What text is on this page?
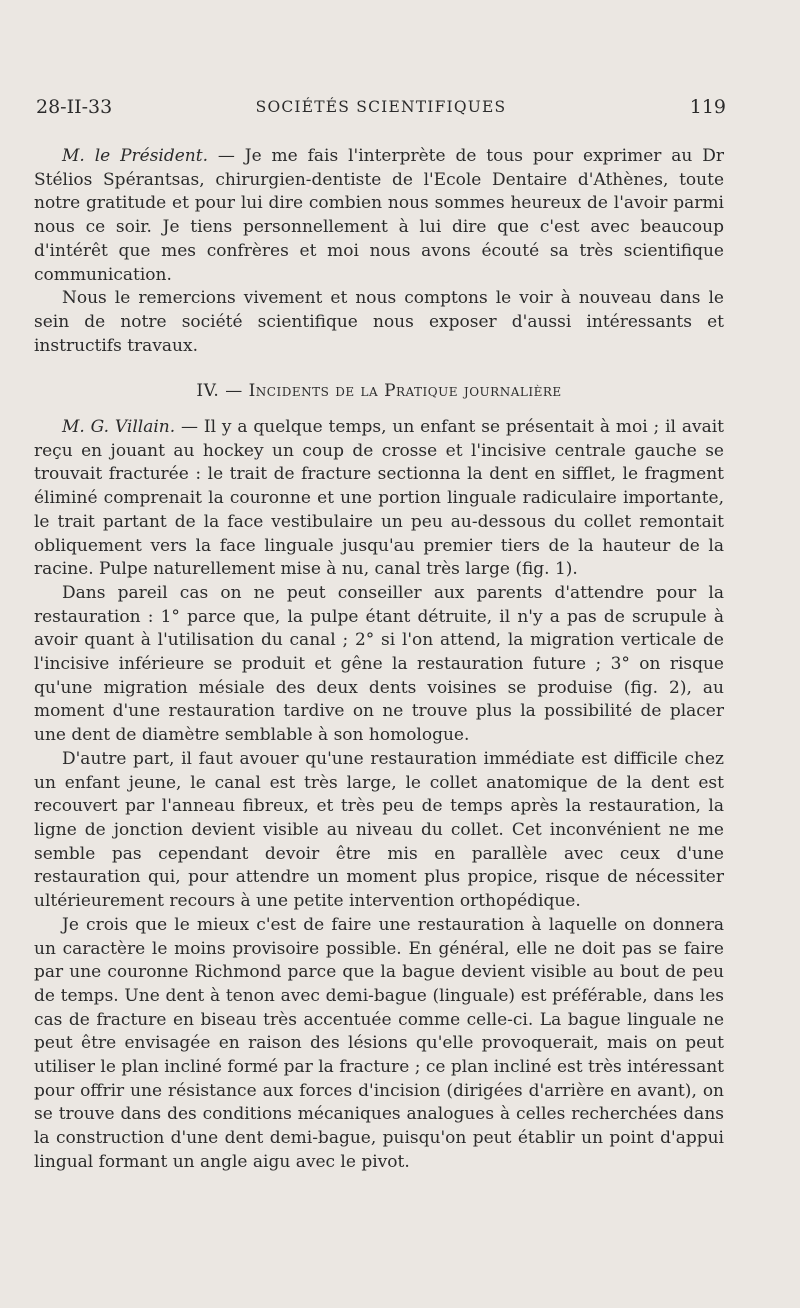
28-II-33	SOCIÉTÉS SCIENTIFIQUES	119

M. le Président. — Je me fais l'interprète de tous pour exprimer au Dr Stélios Spérantsas, chirurgien-dentiste de l'Ecole Dentaire d'Athènes, toute notre gratitude et pour lui dire combien nous sommes heureux de l'avoir parmi nous ce soir. Je tiens personnellement à lui dire que c'est avec beaucoup d'intérêt que mes confrères et moi nous avons écouté sa très scientifique communication.

Nous le remercions vivement et nous comptons le voir à nouveau dans le sein de notre société scientifique nous exposer d'aussi intéressants et instructifs travaux.

IV. — Incidents de la Pratique journalière

M. G. Villain. — Il y a quelque temps, un enfant se présentait à moi ; il avait reçu en jouant au hockey un coup de crosse et l'incisive centrale gauche se trouvait fracturée : le trait de fracture sectionna la dent en sifflet, le fragment éliminé comprenait la couronne et une portion linguale radiculaire importante, le trait partant de la face vestibulaire un peu au-dessous du collet remontait obliquement vers la face linguale jusqu'au premier tiers de la hauteur de la racine. Pulpe naturellement mise à nu, canal très large (fig. 1).

Dans pareil cas on ne peut conseiller aux parents d'attendre pour la restauration : 1° parce que, la pulpe étant détruite, il n'y a pas de scrupule à avoir quant à l'utilisation du canal ; 2° si l'on attend, la migration verticale de l'incisive inférieure se produit et gêne la restauration future ; 3° on risque qu'une migration mésiale des deux dents voisines se produise (fig. 2), au moment d'une restauration tardive on ne trouve plus la possibilité de placer une dent de diamètre semblable à son homologue.

D'autre part, il faut avouer qu'une restauration immédiate est difficile chez un enfant jeune, le canal est très large, le collet anatomique de la dent est recouvert par l'anneau fibreux, et très peu de temps après la restauration, la ligne de jonction devient visible au niveau du collet. Cet inconvénient ne me semble pas cependant devoir être mis en parallèle avec ceux d'une restauration qui, pour attendre un moment plus propice, risque de nécessiter ultérieurement recours à une petite intervention orthopédique.

Je crois que le mieux c'est de faire une restauration à laquelle on donnera un caractère le moins provisoire possible. En général, elle ne doit pas se faire par une couronne Richmond parce que la bague devient visible au bout de peu de temps. Une dent à tenon avec demi-bague (linguale) est préférable, dans les cas de fracture en biseau très accentuée comme celle-ci. La bague linguale ne peut être envisagée en raison des lésions qu'elle provoquerait, mais on peut utiliser le plan incliné formé par la fracture ; ce plan incliné est très intéressant pour offrir une résistance aux forces d'incision (dirigées d'arrière en avant), on se trouve dans des conditions mécaniques analogues à celles recherchées dans la construction d'une dent demi-bague, puisqu'on peut établir un point d'appui lingual formant un angle aigu avec le pivot.
